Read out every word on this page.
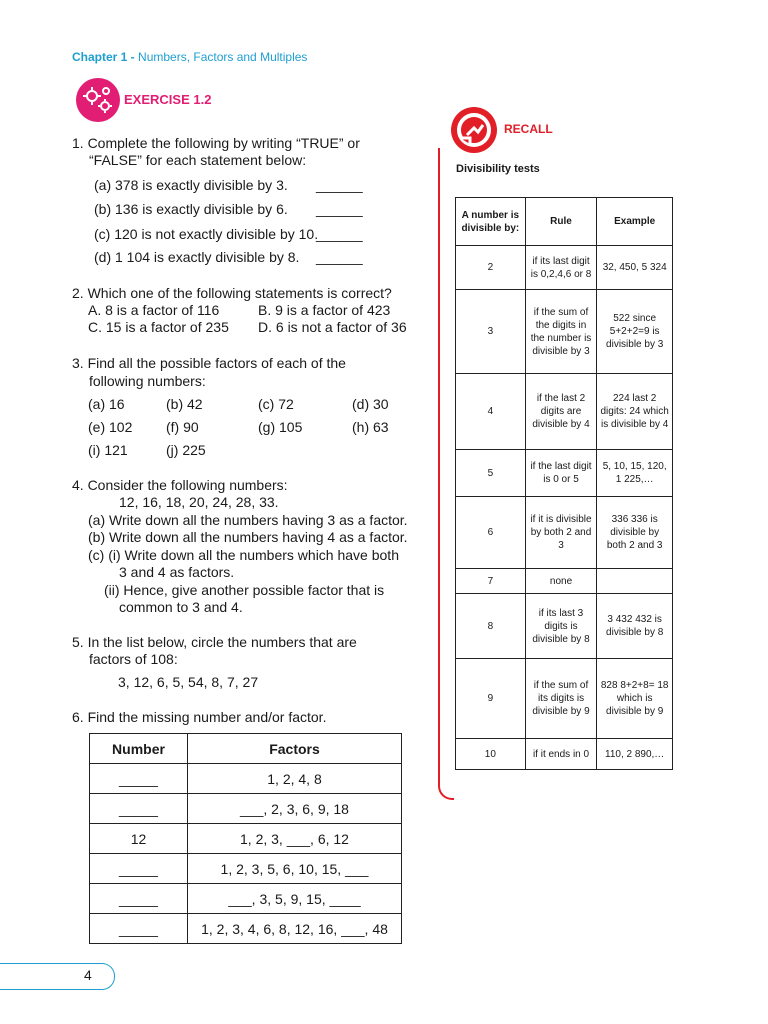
Chapter 1 - Numbers, Factors and Multiples
EXERCISE 1.2
1. Complete the following by writing “TRUE” or
“FALSE” for each statement below:
(a) 378 is exactly divisible by 3.
(b) 136 is exactly divisible by 6.
(c) 120 is not exactly divisible by 10.
(d) 1 104 is exactly divisible by 8.
______
______
______
______
2. Which one of the following statements is correct?
A. 8 is a factor of 116	B. 9 is a factor of 423
C. 15 is a factor of 235 D. 6 is not a factor of 36
3. Find all the possible factors of each of the
following numbers:
(a) 16	(b) 42	(c) 72	(d) 30
(e) 102 (f) 90	(g) 105	(h) 63
(i) 121	(j) 225
4. Consider the following numbers:
12, 16, 18, 20, 24, 28, 33.
(a) Write down all the numbers having 3 as a factor.
(b) Write down all the numbers having 4 as a factor.
(c) (i) Write down all the numbers which have both
3 and 4 as factors.
(ii) Hence, give another possible factor that is
common to 3 and 4.
5. In the list below, circle the numbers that are
factors of 108:
3, 12, 6, 5, 54, 8, 7, 27
6. Find the missing number and/or factor.
Number	Factors
_____	1, 2, 4, 8
_____	___, 2, 3, 6, 9, 18
12	1, 2, 3, ___, 6, 12
_____	1, 2, 3, 5, 6, 10, 15, ___
_____	___, 3, 5, 9, 15, ____
_____	1, 2, 3, 4, 6, 8, 12, 16, ___, 48
RECALL
Divisibility tests
A number is divisible by:	Rule	Example
2	if its last digit is 0,2,4,6 or 8	32, 450, 5 324
3	if the sum of the digits in the number is divisible by 3	522 since 5+2+2=9 is divisible by 3
4	if the last 2 digits are divisible by 4	224 last 2 digits: 24 which is divisible by 4
5	if the last digit is 0 or 5	5, 10, 15, 120, 1 225,…
6	if it is divisible by both 2 and 3	336 336 is divisible by both 2 and 3
7	none	
8	if its last 3 digits is divisible by 8	3 432 432 is divisible by 8
9	if the sum of its digits is divisible by 9	828 8+2+8= 18 which is divisible by 9
10	if it ends in 0	110, 2 890,…
4
